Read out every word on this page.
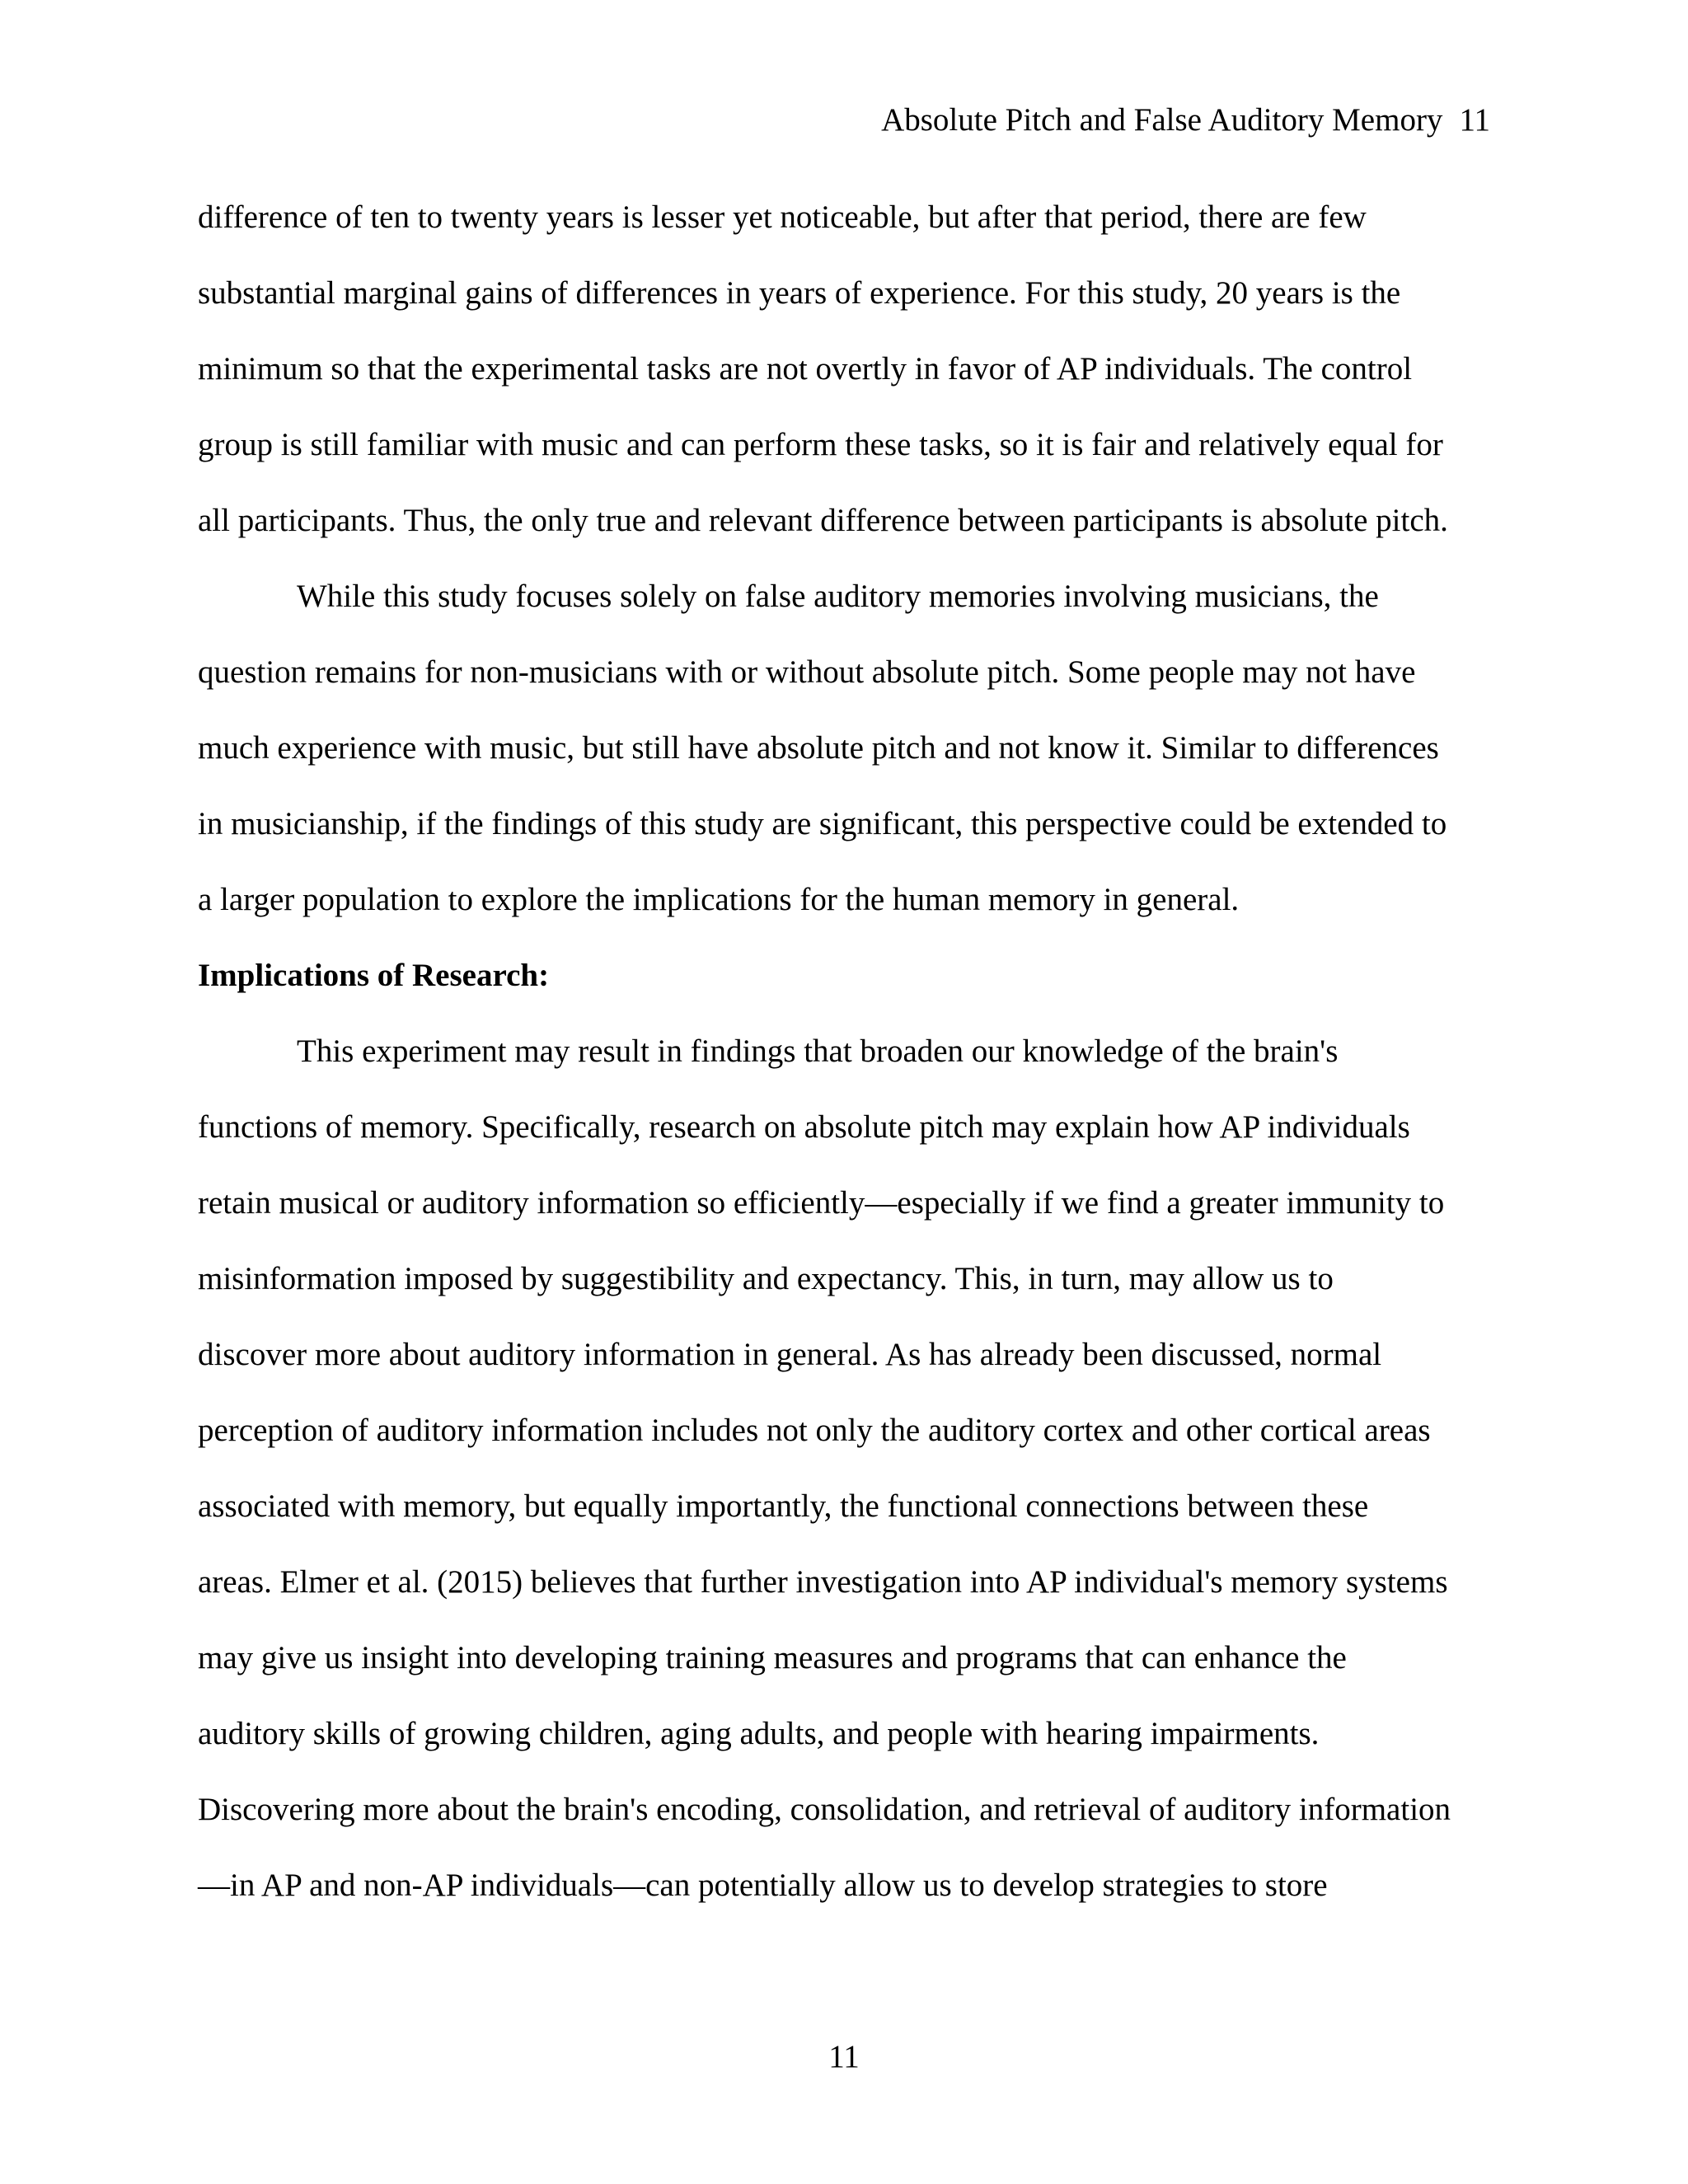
Absolute Pitch and False Auditory Memory 11
difference of ten to twenty years is lesser yet noticeable, but after that period, there are few
substantial marginal gains of differences in years of experience. For this study, 20 years is the
minimum so that the experimental tasks are not overtly in favor of AP individuals. The control
group is still familiar with music and can perform these tasks, so it is fair and relatively equal for
all participants. Thus, the only true and relevant difference between participants is absolute pitch.
While this study focuses solely on false auditory memories involving musicians, the
question remains for non-musicians with or without absolute pitch. Some people may not have
much experience with music, but still have absolute pitch and not know it. Similar to differences
in musicianship, if the findings of this study are significant, this perspective could be extended to
a larger population to explore the implications for the human memory in general.
Implications of Research:
This experiment may result in findings that broaden our knowledge of the brain's
functions of memory. Specifically, research on absolute pitch may explain how AP individuals
retain musical or auditory information so efficiently—especially if we find a greater immunity to
misinformation imposed by suggestibility and expectancy. This, in turn, may allow us to
discover more about auditory information in general. As has already been discussed, normal
perception of auditory information includes not only the auditory cortex and other cortical areas
associated with memory, but equally importantly, the functional connections between these
areas. Elmer et al. (2015) believes that further investigation into AP individual's memory systems
may give us insight into developing training measures and programs that can enhance the
auditory skills of growing children, aging adults, and people with hearing impairments.
Discovering more about the brain's encoding, consolidation, and retrieval of auditory information
—in AP and non-AP individuals—can potentially allow us to develop strategies to store
11
